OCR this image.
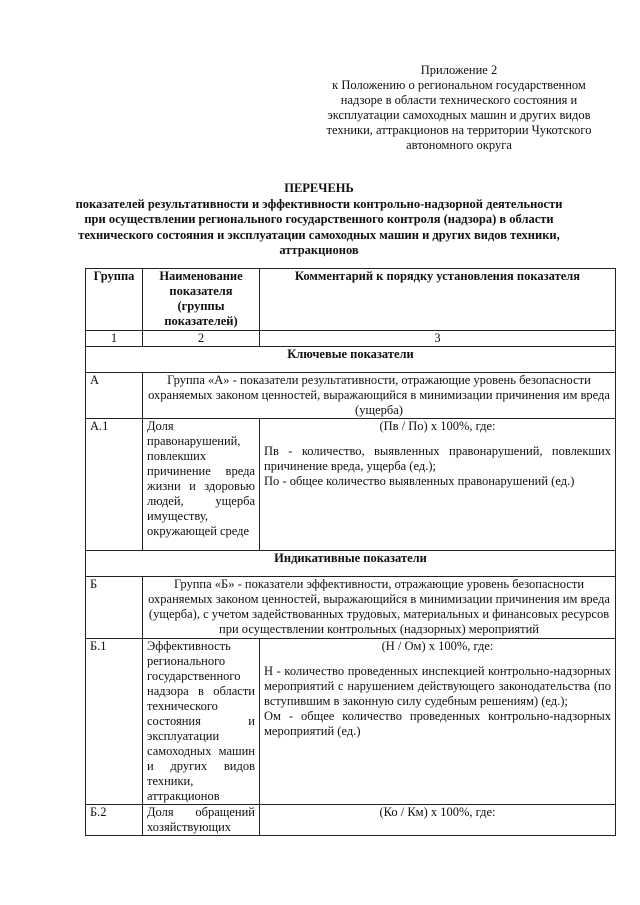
Приложение 2
к Положению о региональном государственном
надзоре в области технического состояния и
эксплуатации самоходных машин и других видов
техники, аттракционов на территории Чукотского
автономного округа
ПЕРЕЧЕНЬ
показателей результативности и эффективности контрольно-надзорной деятельности
при осуществлении регионального государственного контроля (надзора) в области
технического состояния и эксплуатации самоходных машин и других видов техники,
аттракционов
Группа	Наименование показателя (группы показателей)	Комментарий к порядку установления показателя
1	2	3
Ключевые показатели		
А	Группа «А» - показатели результативности, отражающие уровень безопасности охраняемых законом ценностей, выражающийся в минимизации причинения им вреда (ущерба)	
А.1	Доля правонарушений, повлекших причинение вреда жизни и здоровью людей, ущерба имуществу, окружающей среде	(Пв / По) х 100%, где:
Пв - количество, выявленных правонарушений, повлекших причинение вреда, ущерба (ед.);
По - общее количество выявленных правонарушений (ед.)

Индикативные показатели		
Б	Группа «Б» - показатели эффективности, отражающие уровень безопасности охраняемых законом ценностей, выражающийся в минимизации причинения им вреда (ущерба), с учетом задействованных трудовых, материальных и финансовых ресурсов при осуществлении контрольных (надзорных) мероприятий	
Б.1	Эффективность регионального государственного надзора в области технического состояния и эксплуатации самоходных машин и других видов техники, аттракционов	(Н / Ом) х 100%, где:
Н - количество проведенных инспекцией контрольно-надзорных мероприятий с нарушением действующего законодательства (по вступившим в законную силу судебным решениям) (ед.);
Ом - общее количество проведенных контрольно-надзорных мероприятий (ед.)

Б.2	Доля обращений хозяйствующих	(Ко / Км) х 100%, где:
